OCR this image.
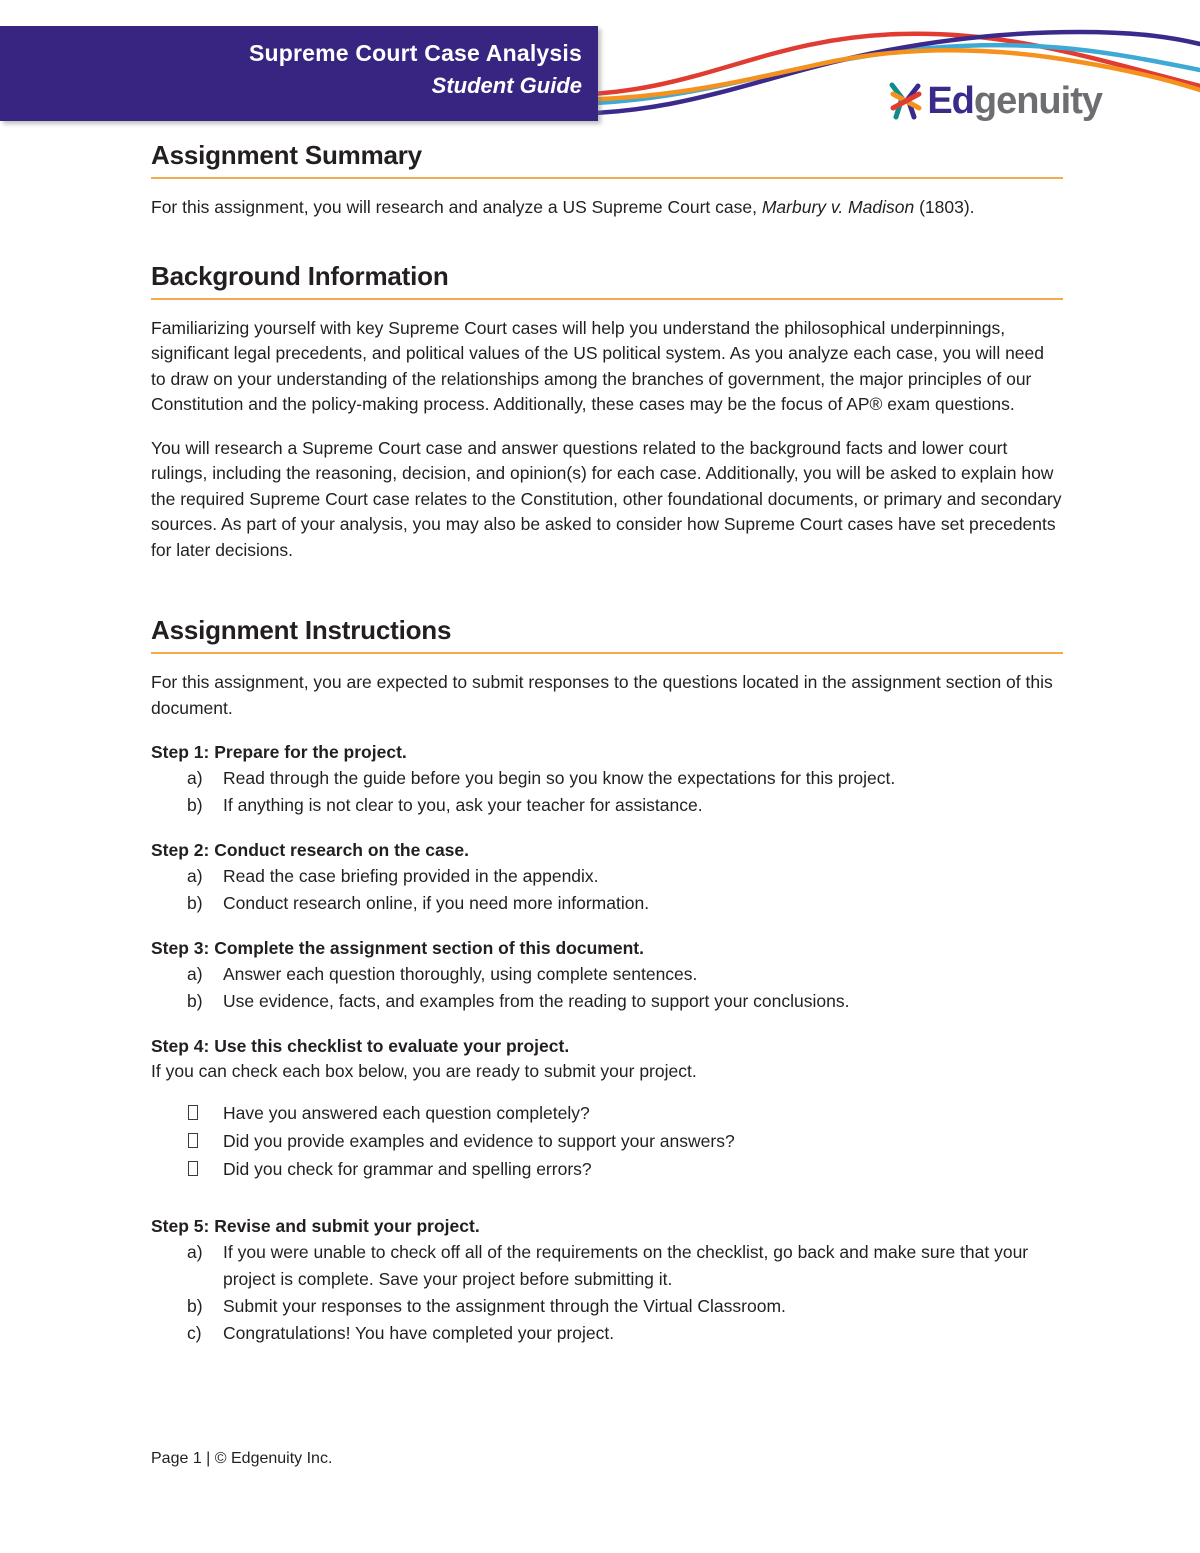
Supreme Court Case Analysis
Student Guide	Edgenuity
Assignment Summary

For this assignment, you will research and analyze a US Supreme Court case, Marbury v. Madison (1803).

Background Information

Familiarizing yourself with key Supreme Court cases will help you understand the philosophical underpinnings, significant legal precedents, and political values of the US political system. As you analyze each case, you will need to draw on your understanding of the relationships among the branches of government, the major principles of our Constitution and the policy-making process. Additionally, these cases may be the focus of AP® exam questions.

You will research a Supreme Court case and answer questions related to the background facts and lower court rulings, including the reasoning, decision, and opinion(s) for each case. Additionally, you will be asked to explain how the required Supreme Court case relates to the Constitution, other foundational documents, or primary and secondary sources. As part of your analysis, you may also be asked to consider how Supreme Court cases have set precedents for later decisions.

Assignment Instructions

For this assignment, you are expected to submit responses to the questions located in the assignment section of this document.

Step 1: Prepare for the project.

a)	Read through the guide before you begin so you know the expectations for this project.
b)	If anything is not clear to you, ask your teacher for assistance.

Step 2: Conduct research on the case.

a)	Read the case briefing provided in the appendix.
b)	Conduct research online, if you need more information.

Step 3: Complete the assignment section of this document.

a)	Answer each question thoroughly, using complete sentences.
b)	Use evidence, facts, and examples from the reading to support your conclusions.

Step 4: Use this checklist to evaluate your project.

If you can check each box below, you are ready to submit your project.

Have you answered each question completely?
Did you provide examples and evidence to support your answers?
Did you check for grammar and spelling errors?

Step 5: Revise and submit your project.

a)	If you were unable to check off all of the requirements on the checklist, go back and make sure that your project is complete. Save your project before submitting it.
b)	Submit your responses to the assignment through the Virtual Classroom.
c)	Congratulations! You have completed your project.
Page 1 | © Edgenuity Inc.
